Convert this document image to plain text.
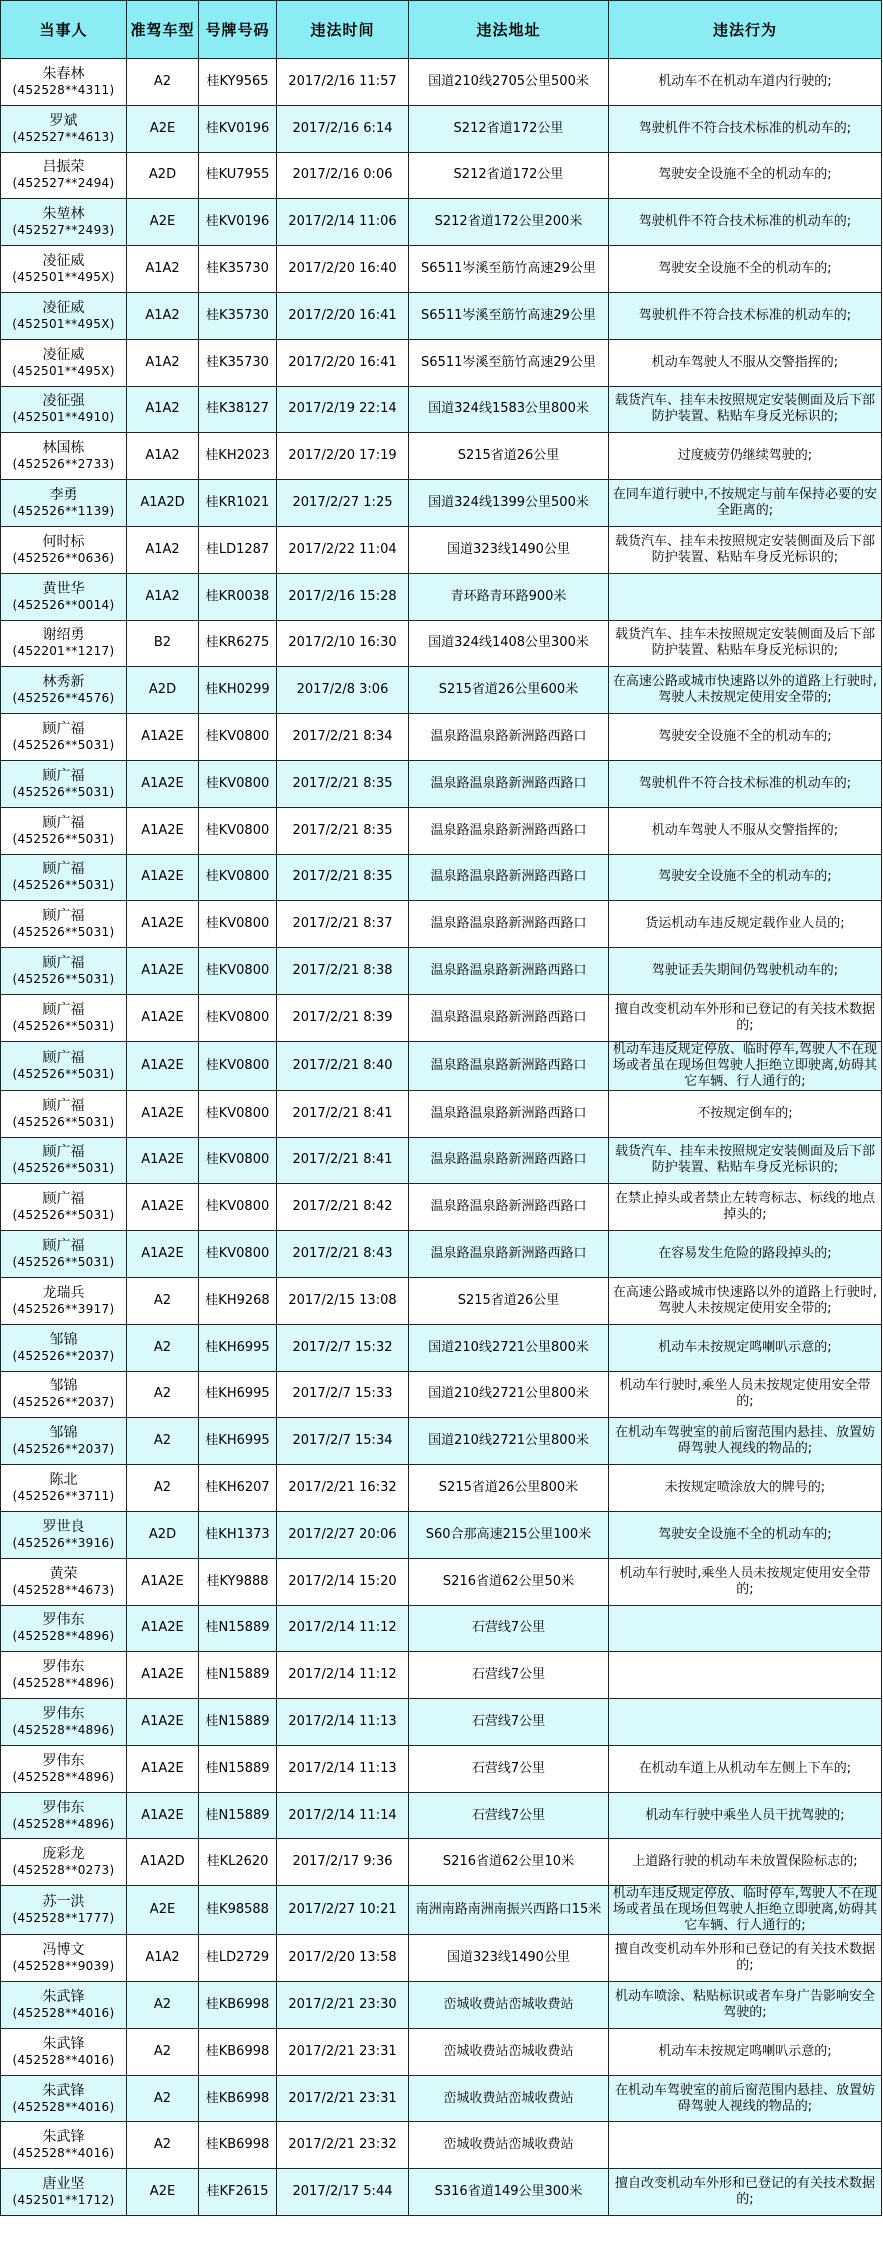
当事人	准驾车型	号牌号码	违法时间	违法地址	违法行为

朱春林
(452528**4311)	A2	桂KY9565	2017/2/16 11:57	国道210线2705公里500米	机动车不在机动车道内行驶的;

罗斌
(452527**4613)	A2E	桂KV0196	2017/2/16 6:14	S212省道172公里	驾驶机件不符合技术标准的机动车的;

吕振荣
(452527**2494)	A2D	桂KU7955	2017/2/16 0:06	S212省道172公里	驾驶安全设施不全的机动车的;

朱堃林
(452527**2493)	A2E	桂KV0196	2017/2/14 11:06	S212省道172公里200米	驾驶机件不符合技术标准的机动车的;

凌征威
(452501**495X)	A1A2	桂K35730	2017/2/20 16:40	S6511岑溪至筋竹高速29公里	驾驶安全设施不全的机动车的;

凌征威
(452501**495X)	A1A2	桂K35730	2017/2/20 16:41	S6511岑溪至筋竹高速29公里	驾驶机件不符合技术标准的机动车的;

凌征威
(452501**495X)	A1A2	桂K35730	2017/2/20 16:41	S6511岑溪至筋竹高速29公里	机动车驾驶人不服从交警指挥的;

凌征强
(452501**4910)	A1A2	桂K38127	2017/2/19 22:14	国道324线1583公里800米	载货汽车、挂车未按照规定安装侧面及后下部防护装置、粘贴车身反光标识的;

林国栋
(452526**2733)	A1A2	桂KH2023	2017/2/20 17:19	S215省道26公里	过度疲劳仍继续驾驶的;

李勇
(452526**1139)	A1A2D	桂KR1021	2017/2/27 1:25	国道324线1399公里500米	在同车道行驶中,不按规定与前车保持必要的安全距离的;

何时标
(452526**0636)	A1A2	桂LD1287	2017/2/22 11:04	国道323线1490公里	载货汽车、挂车未按照规定安装侧面及后下部防护装置、粘贴车身反光标识的;

黄世华
(452526**0014)	A1A2	桂KR0038	2017/2/16 15:28	青环路青环路900米	

谢绍勇
(452201**1217)	B2	桂KR6275	2017/2/10 16:30	国道324线1408公里300米	载货汽车、挂车未按照规定安装侧面及后下部防护装置、粘贴车身反光标识的;

林秀新
(452526**4576)	A2D	桂KH0299	2017/2/8 3:06	S215省道26公里600米	在高速公路或城市快速路以外的道路上行驶时,驾驶人未按规定使用安全带的;

顾广福
(452526**5031)	A1A2E	桂KV0800	2017/2/21 8:34	温泉路温泉路新洲路西路口	驾驶安全设施不全的机动车的;

顾广福
(452526**5031)	A1A2E	桂KV0800	2017/2/21 8:35	温泉路温泉路新洲路西路口	驾驶机件不符合技术标准的机动车的;

顾广福
(452526**5031)	A1A2E	桂KV0800	2017/2/21 8:35	温泉路温泉路新洲路西路口	机动车驾驶人不服从交警指挥的;

顾广福
(452526**5031)	A1A2E	桂KV0800	2017/2/21 8:35	温泉路温泉路新洲路西路口	驾驶安全设施不全的机动车的;

顾广福
(452526**5031)	A1A2E	桂KV0800	2017/2/21 8:37	温泉路温泉路新洲路西路口	货运机动车违反规定载作业人员的;

顾广福
(452526**5031)	A1A2E	桂KV0800	2017/2/21 8:38	温泉路温泉路新洲路西路口	驾驶证丢失期间仍驾驶机动车的;

顾广福
(452526**5031)	A1A2E	桂KV0800	2017/2/21 8:39	温泉路温泉路新洲路西路口	擅自改变机动车外形和已登记的有关技术数据的;

顾广福
(452526**5031)	A1A2E	桂KV0800	2017/2/21 8:40	温泉路温泉路新洲路西路口	机动车违反规定停放、临时停车,驾驶人不在现场或者虽在现场但驾驶人拒绝立即驶离,妨碍其它车辆、行人通行的;

顾广福
(452526**5031)	A1A2E	桂KV0800	2017/2/21 8:41	温泉路温泉路新洲路西路口	不按规定倒车的;

顾广福
(452526**5031)	A1A2E	桂KV0800	2017/2/21 8:41	温泉路温泉路新洲路西路口	载货汽车、挂车未按照规定安装侧面及后下部防护装置、粘贴车身反光标识的;

顾广福
(452526**5031)	A1A2E	桂KV0800	2017/2/21 8:42	温泉路温泉路新洲路西路口	在禁止掉头或者禁止左转弯标志、标线的地点掉头的;

顾广福
(452526**5031)	A1A2E	桂KV0800	2017/2/21 8:43	温泉路温泉路新洲路西路口	在容易发生危险的路段掉头的;

龙瑞兵
(452526**3917)	A2	桂KH9268	2017/2/15 13:08	S215省道26公里	在高速公路或城市快速路以外的道路上行驶时,驾驶人未按规定使用安全带的;

邹锦
(452526**2037)	A2	桂KH6995	2017/2/7 15:32	国道210线2721公里800米	机动车未按规定鸣喇叭示意的;

邹锦
(452526**2037)	A2	桂KH6995	2017/2/7 15:33	国道210线2721公里800米	机动车行驶时,乘坐人员未按规定使用安全带的;

邹锦
(452526**2037)	A2	桂KH6995	2017/2/7 15:34	国道210线2721公里800米	在机动车驾驶室的前后窗范围内悬挂、放置妨碍驾驶人视线的物品的;

陈北
(452526**3711)	A2	桂KH6207	2017/2/21 16:32	S215省道26公里800米	未按规定喷涂放大的牌号的;

罗世良
(452526**3916)	A2D	桂KH1373	2017/2/27 20:06	S60合那高速215公里100米	驾驶安全设施不全的机动车的;

黄荣
(452528**4673)	A1A2E	桂KY9888	2017/2/14 15:20	S216省道62公里50米	机动车行驶时,乘坐人员未按规定使用安全带的;

罗伟东
(452528**4896)	A1A2E	桂N15889	2017/2/14 11:12	石营线7公里	

罗伟东
(452528**4896)	A1A2E	桂N15889	2017/2/14 11:12	石营线7公里	

罗伟东
(452528**4896)	A1A2E	桂N15889	2017/2/14 11:13	石营线7公里	

罗伟东
(452528**4896)	A1A2E	桂N15889	2017/2/14 11:13	石营线7公里	在机动车道上从机动车左侧上下车的;

罗伟东
(452528**4896)	A1A2E	桂N15889	2017/2/14 11:14	石营线7公里	机动车行驶中乘坐人员干扰驾驶的;

庞彩龙
(452528**0273)	A1A2D	桂KL2620	2017/2/17 9:36	S216省道62公里10米	上道路行驶的机动车未放置保险标志的;

苏一洪
(452528**1777)	A2E	桂K98588	2017/2/27 10:21	南洲南路南洲南振兴西路口15米	机动车违反规定停放、临时停车,驾驶人不在现场或者虽在现场但驾驶人拒绝立即驶离,妨碍其它车辆、行人通行的;

冯博文
(452528**9039)	A1A2	桂LD2729	2017/2/20 13:58	国道323线1490公里	擅自改变机动车外形和已登记的有关技术数据的;

朱武锋
(452528**4016)	A2	桂KB6998	2017/2/21 23:30	峦城收费站峦城收费站	机动车喷涂、粘贴标识或者车身广告影响安全驾驶的;

朱武锋
(452528**4016)	A2	桂KB6998	2017/2/21 23:31	峦城收费站峦城收费站	机动车未按规定鸣喇叭示意的;

朱武锋
(452528**4016)	A2	桂KB6998	2017/2/21 23:31	峦城收费站峦城收费站	在机动车驾驶室的前后窗范围内悬挂、放置妨碍驾驶人视线的物品的;

朱武锋
(452528**4016)	A2	桂KB6998	2017/2/21 23:32	峦城收费站峦城收费站	

唐业坚
(452501**1712)	A2E	桂KF2615	2017/2/17 5:44	S316省道149公里300米	擅自改变机动车外形和已登记的有关技术数据的;
